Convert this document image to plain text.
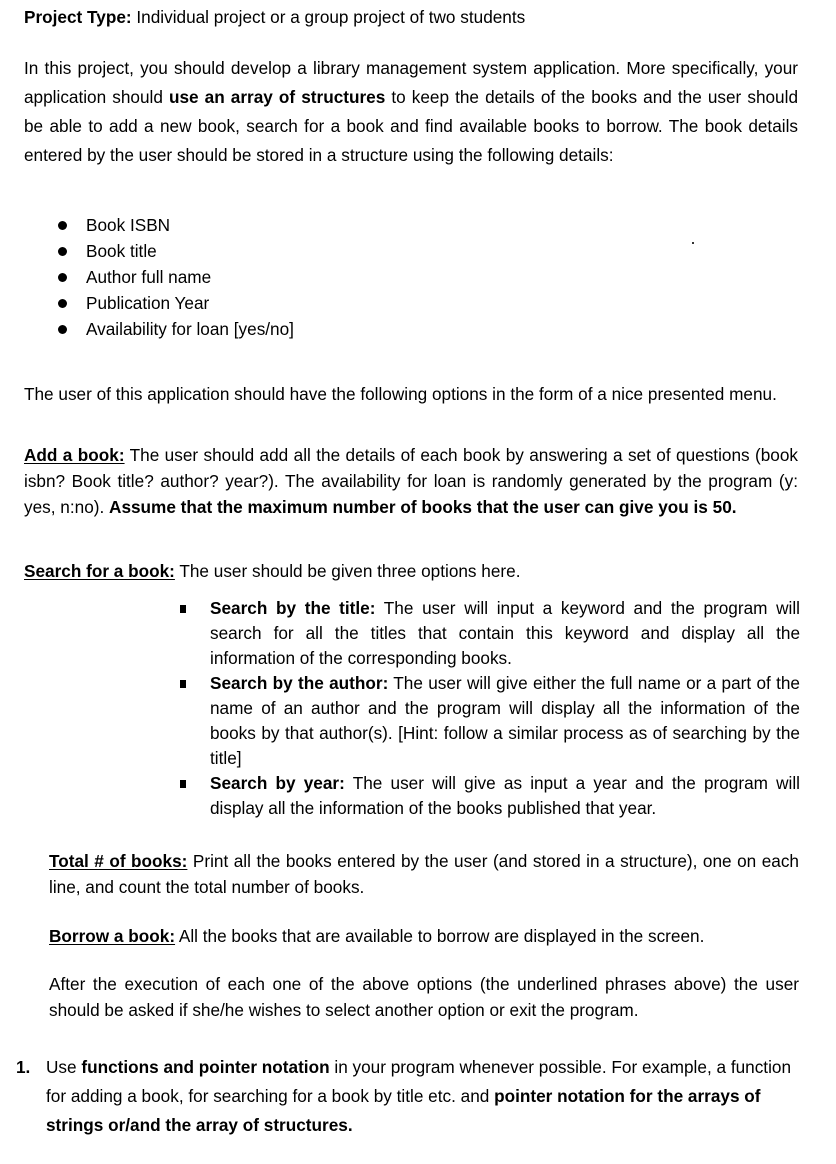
Project Type: Individual project or a group project of two students
In this project, you should develop a library management system application. More specifically, your application should use an array of structures to keep the details of the books and the user should be able to add a new book, search for a book and find available books to borrow. The book details entered by the user should be stored in a structure using the following details:
Book ISBN
Book title
Author full name
Publication Year
Availability for loan [yes/no]
The user of this application should have the following options in the form of a nice presented menu.
Add a book: The user should add all the details of each book by answering a set of questions (book isbn? Book title? author? year?). The availability for loan is randomly generated by the program (y: yes, n:no). Assume that the maximum number of books that the user can give you is 50.
Search for a book: The user should be given three options here.
Search by the title: The user will input a keyword and the program will search for all the titles that contain this keyword and display all the information of the corresponding books.
Search by the author: The user will give either the full name or a part of the name of an author and the program will display all the information of the books by that author(s). [Hint: follow a similar process as of searching by the title]
Search by year: The user will give as input a year and the program will display all the information of the books published that year.
Total # of books: Print all the books entered by the user (and stored in a structure), one on each line, and count the total number of books.
Borrow a book: All the books that are available to borrow are displayed in the screen.
After the execution of each one of the above options (the underlined phrases above) the user should be asked if she/he wishes to select another option or exit the program.
1. Use functions and pointer notation in your program whenever possible. For example, a function for adding a book, for searching for a book by title etc. and pointer notation for the arrays of strings or/and the array of structures.
